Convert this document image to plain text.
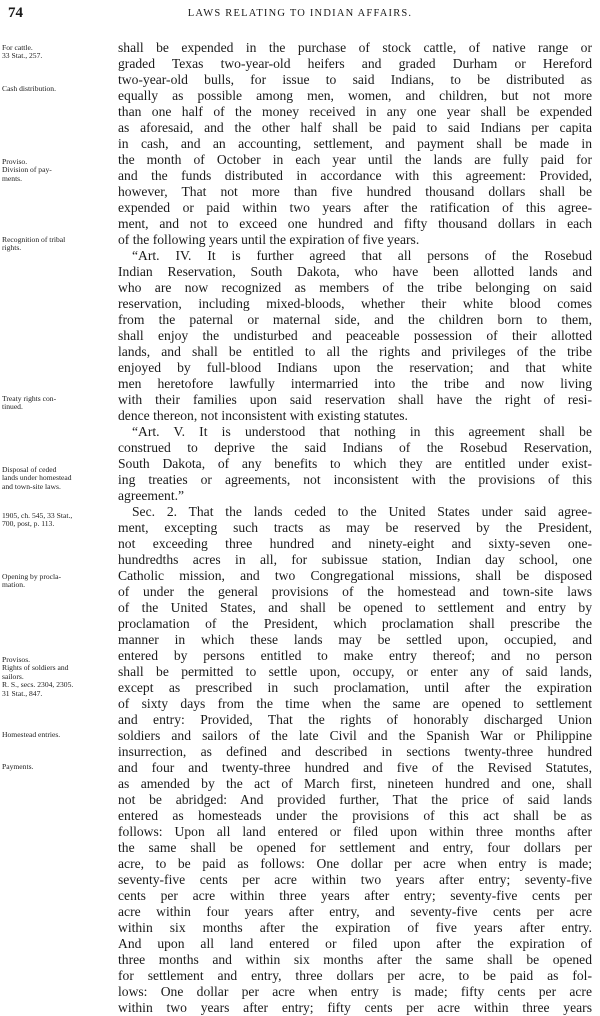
74	LAWS RELATING TO INDIAN AFFAIRS.
For cattle.
33 Stat., 257.
Cash distribution.
Proviso.
Division of pay-
ments.
Recognition of tribal
rights.
Treaty rights con-
tinued.
Disposal of ceded
lands under homestead
and town-site laws.
1905, ch. 545, 33 Stat.,
700, post, p. 113.
Opening by procla-
mation.
Provisos.
Rights of soldiers and
sailors.
R. S., secs. 2304, 2305.
31 Stat., 847.
Homestead entries.
Payments.
shall be expended in the purchase of stock cattle, of native range or
graded Texas two-year-old heifers and graded Durham or Hereford
two-year-old bulls, for issue to said Indians, to be distributed as
equally as possible among men, women, and children, but not more
than one half of the money received in any one year shall be expended
as aforesaid, and the other half shall be paid to said Indians per capita
in cash, and an accounting, settlement, and payment shall be made in
the month of October in each year until the lands are fully paid for
and the funds distributed in accordance with this agreement: Provided,
however, That not more than five hundred thousand dollars shall be
expended or paid within two years after the ratification of this agree-
ment, and not to exceed one hundred and fifty thousand dollars in each
of the following years until the expiration of five years.
“Art. IV. It is further agreed that all persons of the Rosebud
Indian Reservation, South Dakota, who have been allotted lands and
who are now recognized as members of the tribe belonging on said
reservation, including mixed-bloods, whether their white blood comes
from the paternal or maternal side, and the children born to them,
shall enjoy the undisturbed and peaceable possession of their allotted
lands, and shall be entitled to all the rights and privileges of the tribe
enjoyed by full-blood Indians upon the reservation; and that white
men heretofore lawfully intermarried into the tribe and now living
with their families upon said reservation shall have the right of resi-
dence thereon, not inconsistent with existing statutes.
“Art. V. It is understood that nothing in this agreement shall be
construed to deprive the said Indians of the Rosebud Reservation,
South Dakota, of any benefits to which they are entitled under exist-
ing treaties or agreements, not inconsistent with the provisions of this
agreement.”
Sec. 2. That the lands ceded to the United States under said agree-
ment, excepting such tracts as may be reserved by the President,
not exceeding three hundred and ninety-eight and sixty-seven one-
hundredths acres in all, for subissue station, Indian day school, one
Catholic mission, and two Congregational missions, shall be disposed
of under the general provisions of the homestead and town-site laws
of the United States, and shall be opened to settlement and entry by
proclamation of the President, which proclamation shall prescribe the
manner in which these lands may be settled upon, occupied, and
entered by persons entitled to make entry thereof; and no person
shall be permitted to settle upon, occupy, or enter any of said lands,
except as prescribed in such proclamation, until after the expiration
of sixty days from the time when the same are opened to settlement
and entry: Provided, That the rights of honorably discharged Union
soldiers and sailors of the late Civil and the Spanish War or Philippine
insurrection, as defined and described in sections twenty-three hundred
and four and twenty-three hundred and five of the Revised Statutes,
as amended by the act of March first, nineteen hundred and one, shall
not be abridged: And provided further, That the price of said lands
entered as homesteads under the provisions of this act shall be as
follows: Upon all land entered or filed upon within three months after
the same shall be opened for settlement and entry, four dollars per
acre, to be paid as follows: One dollar per acre when entry is made;
seventy-five cents per acre within two years after entry; seventy-five
cents per acre within three years after entry; seventy-five cents per
acre within four years after entry, and seventy-five cents per acre
within six months after the expiration of five years after entry.
And upon all land entered or filed upon after the expiration of
three months and within six months after the same shall be opened
for settlement and entry, three dollars per acre, to be paid as fol-
lows: One dollar per acre when entry is made; fifty cents per acre
within two years after entry; fifty cents per acre within three years
